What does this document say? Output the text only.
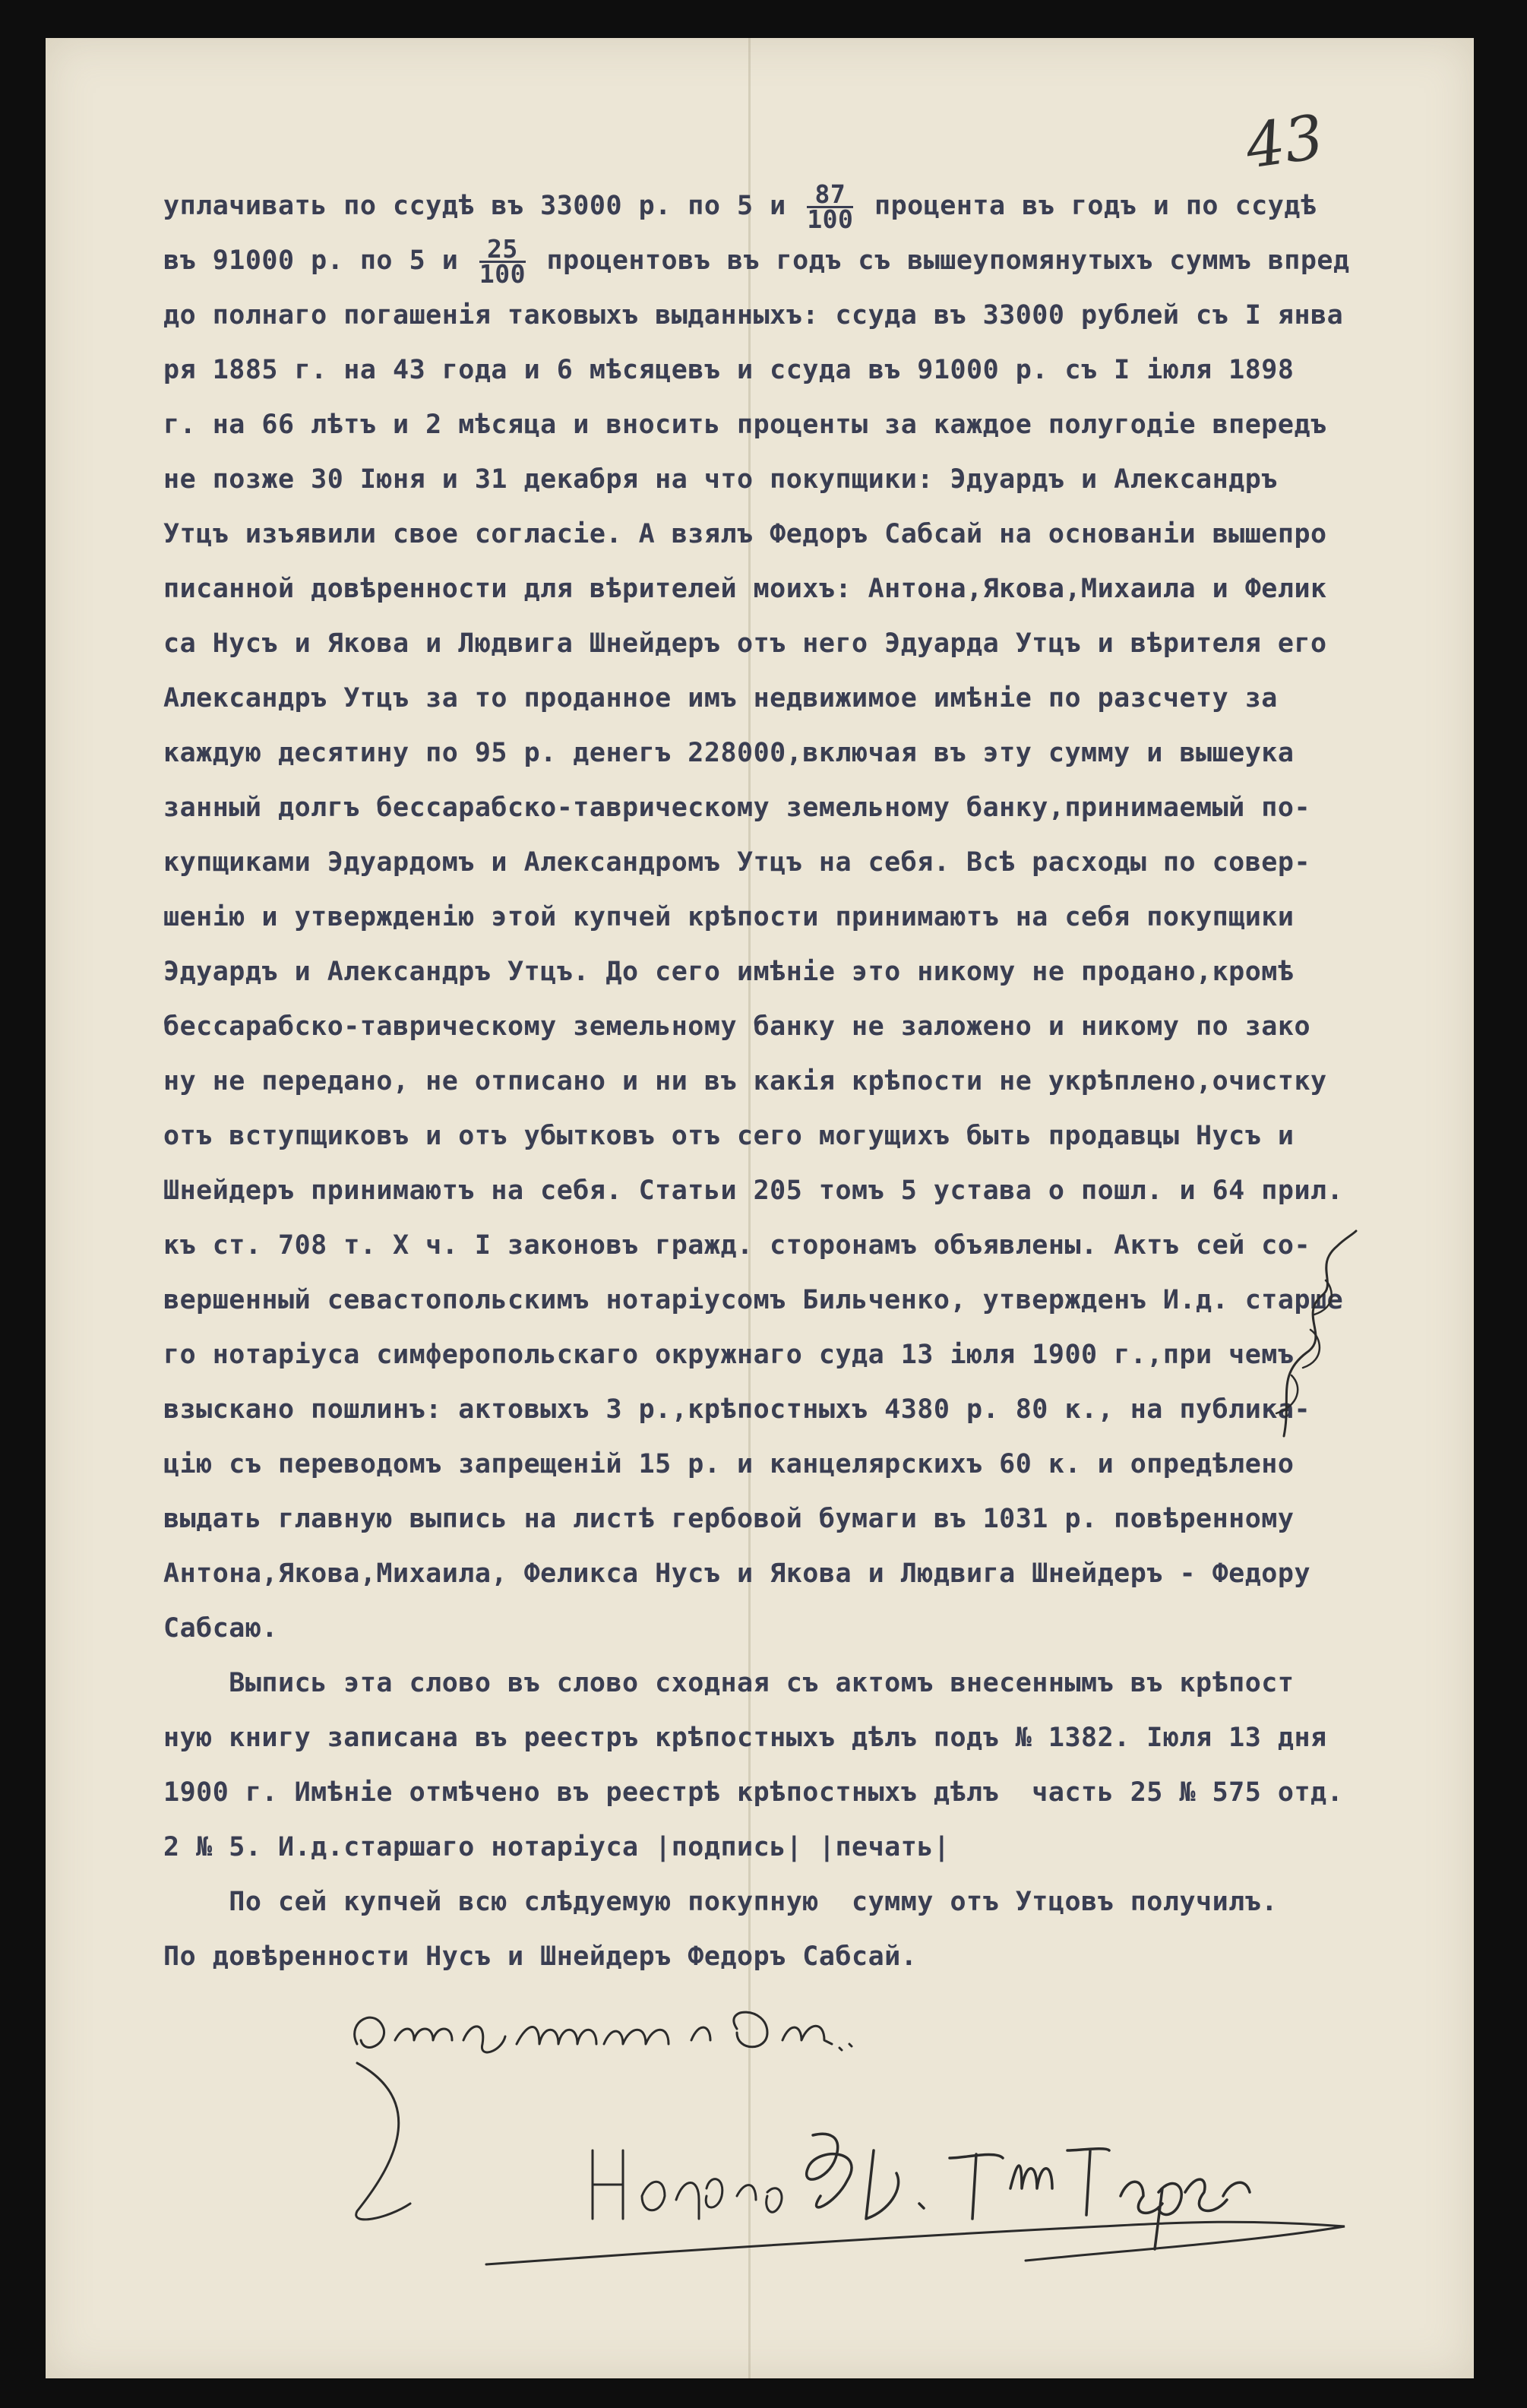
43
уплачивать по ссудѣ въ 33000 р. по 5 и $\frac{87}{100}$ процента въ годъ и по ссудѣ
въ 91000 р. по 5 и $\frac{25}{100}$ процентовъ въ годъ съ вышеупомянутыхъ суммъ впред
до полнаго погашенія таковыхъ выданныхъ: ссуда въ 33000 рублей съ I янва
ря 1885 г. на 43 года и 6 мѣсяцевъ и ссуда въ 91000 р. съ I іюля 1898
г. на 66 лѣтъ и 2 мѣсяца и вносить проценты за каждое полугодіе впередъ
не позже 30 Іюня и 31 декабря на что покупщики: Эдуардъ и Александръ
Утцъ изъявили свое согласіе. А взялъ Федоръ Сабсай на основаніи вышепро
писанной довѣренности для вѣрителей моихъ: Антона,Якова,Михаила и Фелик
са Нусъ и Якова и Людвига Шнейдеръ отъ него Эдуарда Утцъ и вѣрителя его
Александръ Утцъ за то проданное имъ недвижимое имѣніе по разсчету за
каждую десятину по 95 р. денегъ 228000,включая въ эту сумму и вышеука
занный долгъ бессарабско-таврическому земельному банку,принимаемый по-
купщиками Эдуардомъ и Александромъ Утцъ на себя. Всѣ расходы по совер-
шенію и утвержденію этой купчей крѣпости принимаютъ на себя покупщики
Эдуардъ и Александръ Утцъ. До сего имѣніе это никому не продано,кромѣ
бессарабско-таврическому земельному банку не заложено и никому по зако
ну не передано, не отписано и ни въ какія крѣпости не укрѣплено,очистку
отъ вступщиковъ и отъ убытковъ отъ сего могущихъ быть продавцы Нусъ и
Шнейдеръ принимаютъ на себя. Статьи 205 томъ 5 устава о пошл. и 64 прил.
къ ст. 708 т. X ч. I законовъ гражд. сторонамъ объявлены. Актъ сей со-
вершенный севастопольскимъ нотаріусомъ Бильченко, утвержденъ И.д. старше
го нотаріуса симферопольскаго окружнаго суда 13 іюля 1900 г.,при чемъ
взыскано пошлинъ: актовыхъ 3 р.,крѣпостныхъ 4380 р. 80 к., на публика-
цію съ переводомъ запрещеній 15 р. и канцелярскихъ 60 к. и опредѣлено
выдать главную выпись на листѣ гербовой бумаги въ 1031 р. повѣренному
Антона,Якова,Михаила, Феликса Нусъ и Якова и Людвига Шнейдеръ - Федору
Сабсаю.
Выпись эта слово въ слово сходная съ актомъ внесеннымъ въ крѣпост
ную книгу записана въ реестръ крѣпостныхъ дѣлъ подъ № 1382. Іюля 13 дня
1900 г. Имѣніе отмѣчено въ реестрѣ крѣпостныхъ дѣлъ  часть 25 № 575 отд.
2 № 5. И.д.старшаго нотаріуса |подпись| |печать|
По сей купчей всю слѣдуемую покупную  сумму отъ Утцовъ получилъ.
По довѣренности Нусъ и Шнейдеръ Федоръ Сабсай.
